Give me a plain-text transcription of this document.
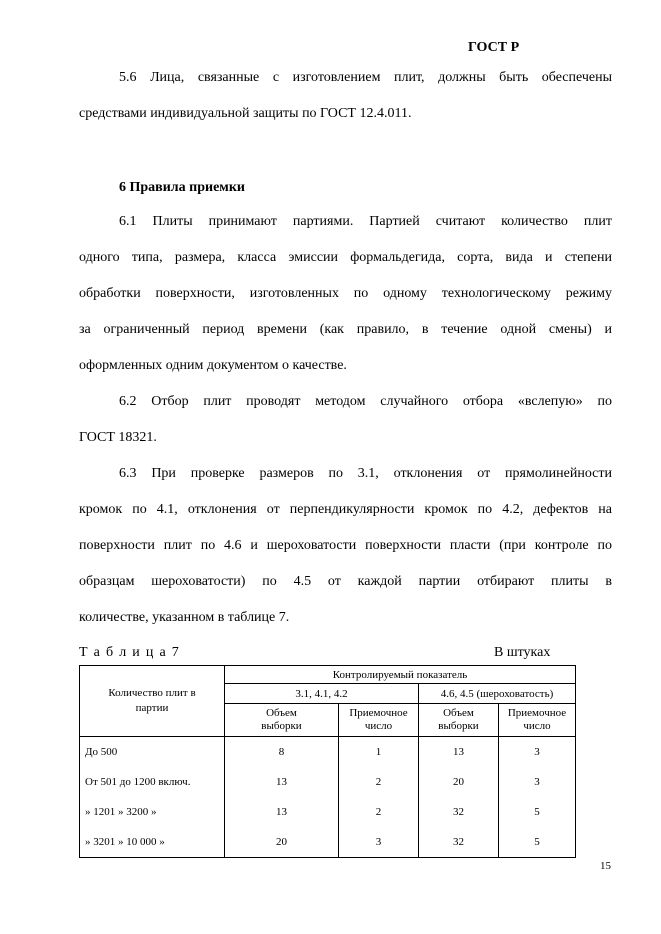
ГОСТ Р
5.6 Лица, связанные с изготовлением плит, должны быть обеспечены
средствами индивидуальной защиты по ГОСТ 12.4.011.
6 Правила приемки
6.1 Плиты принимают партиями. Партией считают количество плит
одного типа, размера, класса эмиссии формальдегида, сорта, вида и степени
обработки поверхности, изготовленных по одному технологическому режиму
за ограниченный период времени (как правило, в течение одной смены) и
оформленных одним документом о качестве.
6.2 Отбор плит проводят методом случайного отбора «вслепую» по
ГОСТ 18321.
6.3 При проверке размеров по 3.1, отклонения от прямолинейности
кромок по 4.1, отклонения от перпендикулярности кромок по 4.2, дефектов на
поверхности плит по 4.6 и шероховатости поверхности пласти (при контроле по
образцам шероховатости) по 4.5 от каждой партии отбирают плиты в
количестве, указанном в таблице 7.
Т а б л и ц а 7	В штуках
Количество плит в партии	Контролируемый показатель			
	3.1, 4.1, 4.2		4.6, 4.5 (шероховатость)	
	Объем выборки	Приемочное число	Объем выборки	Приемочное число
До 500	8	1	13	3
От 501 до 1200 включ.	13	2	20	3
» 1201 » 3200 »	13	2	32	5
» 3201 » 10 000 »	20	3	32	5
15
